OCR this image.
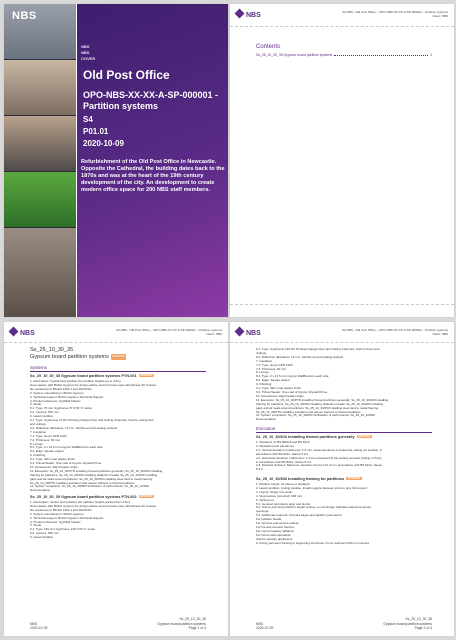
NBS
NBS
NBS
COVER
Old Post Office
OPO-NBS-XX-XX-A-SP-000001 - Partition systems
S4
P01.01
2020-10-09
Refurbishment of the Old Post Office in Newcastle. Opposite the Cathedral, the building dates back to the 1870s and was at the heart of the 19th century development of the city. An development to create modern office space for 200 NBS staff members.
NBS	00-NBS - Old Post Office – OPO-NBS-XX-XX-A-SP-000001 – Partition systems
Client: NBS
Contents
Ss_25_10_30_35 Gypsum board partition systems	1
NBS	00-NBS - Old Post Office – OPO-NBS-XX-XX-A-SP-000001 – Partition systems
Client: NBS
Ss_25_10_30_35
Gypsum board partition systems ENTERED
Systems
Ss_25_10_30_35 Gypsum board partition systems PTN-001 ENTERED
1. Description: Typical stud partition (for partition heights up to 4.5m).
Here spoken with British Gypsum for design advice and the below spec will achieve 30 minutes
fire resistance to BS EN 1363-1 and Rw45 Rw.
2. System manufacturer: British Gypsum
3. Technical support: British Gypsum Technical Support
4. Product reference: GypWall Classic
5. Studs
5.1. Type: 70 mm GypFrame 70 S 50 'C' stude
5.2. Centres: 600 mm
6. Head condition
6.1. Type: GypFrame 72 DC 60 Deep Flange Floor and Ceiling Channels, fixed to ceiling floor
and ceilings.
6.2. Deflection allowance: 15 mm. Sinifise around sealing sockets.
7. Insulation
7.1. Type: Isover APR 1200
7.2. Thickness: 50 mm
8. Linings
8.1. Type: 2 x 12.5 mm Gyproc WallBoard to each side
8.2. Edge: Square edged
9. Finishing
9.1. Type: Skim coat plaster finish
9.2. Primer/Sealer: One coat of Gyproc Drywall Prime
10. Accessories: Rigid header strips
11. Execution: Ss_25_10_30/PTN installing framed partitions generally; Ss_25_10_30/400 installing
framing for partitions; Ss_25_10_30/400 installing deflection heads; Ss_25_10_30/450 installing
gaps and air seals around partitions; Ss_25_10_30/450 installing steel stud to metal framing;
Ss_25_10_30/PTN installing insulation and vapour barriers in framed partitions
12. System completion: Ss_25_10_30/650 Verification of performance; Ss_25_10_12/820
Documentation
Ss_25_10_30_35 Gypsum board partition systems PTN-002 ENTERED
1. Description: Jumbo stud partition (for partition heights greater than 4.5m).
Here spoken with British Gypsum for design advice and the below spec will achieve 30 minutes
fire resistance to BS EN 1363-1 and Rw45 Rw.
2. System manufacturer: British Gypsum
3. Technical support: British Gypsum Technical Support
4. Product reference: GypWall Classic
5. Studs
5.1. Type: 146 mm GypFrame 146 S 50 'C' stude
5.2. Centres: 600 mm
6. Head condition
NBS
2020-10-09
Ss_25_10_30_35
Gypsum board partition systems
Page 1 of 4
NBS	00-NBS - Old Post Office – OPO-NBS-XX-XX-A-SP-000001 – Partition systems
Client: NBS
6.1. Type: GypFrame 146 DC 60 Deep Flange Floor and Ceiling Channels, fixed to floors and
ceilings.
6.2. Deflection allowance: 15 mm. Sinifise around sealing sockets.
7. Insulation
7.1. Type: Isover APR 1200
7.2. Thickness: 50 mm
8. Linings
8.1. Type: 2 x 12.5 mm Gyproc WallBoard to each side
8.2. Edge: Square edged
9. Finishing
9.1. Type: Skim coat plaster finish
9.2. Primer/Sealer: One coat of Gyproc Drywall Prime
10. Accessories: Rigid header strips
11. Execution: Ss_25_10_30/PTN installing framed partitions generally; Ss_25_10_30/400 installing
framing for partitions; Ss_25_10_30/400 installing deflection heads; Ss_25_10_30/450 installing
gaps and air seals around partitions; Ss_25_10_30/450 installing steel stud to metal framing;
Ss_25_10_30/PTN installing insulation and vapour barriers in framed partitions
12. System completion: Ss_25_10_30/650 Verification of performance; Ss_25_10_12/820
Documentation
Execution
Ss_25_10_30/610 Installing framed partitions generally ENTERED
1. Standard: To BS 8000-8 and BS 8212.
2. Deviations and tolerances
2.1. Vertical deviation (maximum): ± 5 mm measured above or below the setting out position, in
accordance with BS 8212, clause 5.3.2.
2.2. Horizontal deviation (maximum): ± 4 mm measured at the setting out level (ceiling or floor),
in accordance with BS 8212, clause 5.3.2.
2.3. Finished surfaces: Maximum deviation bend of 10 mm in accordance with BS 8212, clause
5.3.3.
Ss_25_10_30/630 Installing framing for partitions ENTERED
1. Partition height: As above or standard.
2. Head condition: Ceiling cavities. Install noggins between joists to give full support.
3. Layout: Single row studs.
4. Stud centres (nominal): 600 mm.
5. Setting out
5.1. General: Accurately align and plumb.
5.2. Frame and stud positions: Equal centres, to suit linings. Maintain sequence across
openings.
5.3. Additional supports: At board edges and partition perimeters;
For partition heads;
For services and service outlets;
For fire and acoustic barriers;
For control heating radiators;
For fixture wall cupboards;
And for sanitary appliances.
6. Fixing perimeter framing to supporting structures: Fix at maximum 600 mm centres.
NBS
2020-10-09
Ss_25_10_30_35
Gypsum board partition systems
Page 2 of 4
